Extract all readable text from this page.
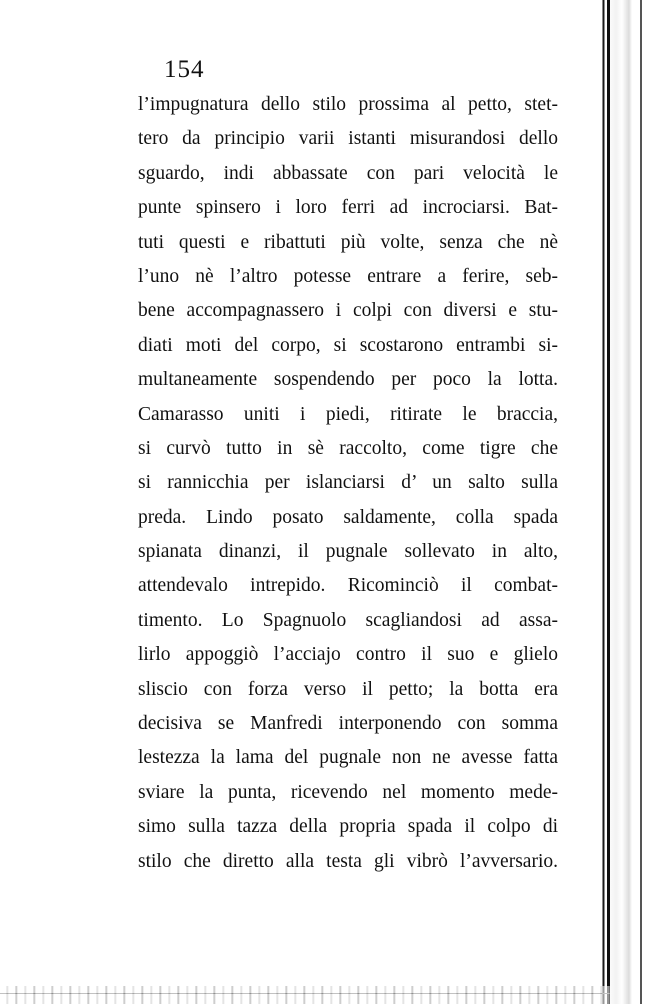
154
l’impugnatura dello stilo prossima al petto, stet-
tero da principio varii istanti misurandosi dello
sguardo, indi abbassate con pari velocità le
punte spinsero i loro ferri ad incrociarsi. Bat-
tuti questi e ribattuti più volte, senza che nè
l’uno nè l’altro potesse entrare a ferire, seb-
bene accompagnassero i colpi con diversi e stu-
diati moti del corpo, si scostarono entrambi si-
multaneamente sospendendo per poco la lotta.
Camarasso uniti i piedi, ritirate le braccia,
si curvò tutto in sè raccolto, come tigre che
si rannicchia per islanciarsi d’ un salto sulla
preda. Lindo posato saldamente, colla spada
spianata dinanzi, il pugnale sollevato in alto,
attendevalo intrepido. Ricominciò il combat-
timento. Lo Spagnuolo scagliandosi ad assa-
lirlo appoggiò l’acciajo contro il suo e glielo
sliscio con forza verso il petto; la botta era
decisiva se Manfredi interponendo con somma
lestezza la lama del pugnale non ne avesse fatta
sviare la punta, ricevendo nel momento mede-
simo sulla tazza della propria spada il colpo di
stilo che diretto alla testa gli vibrò l’avversario.
